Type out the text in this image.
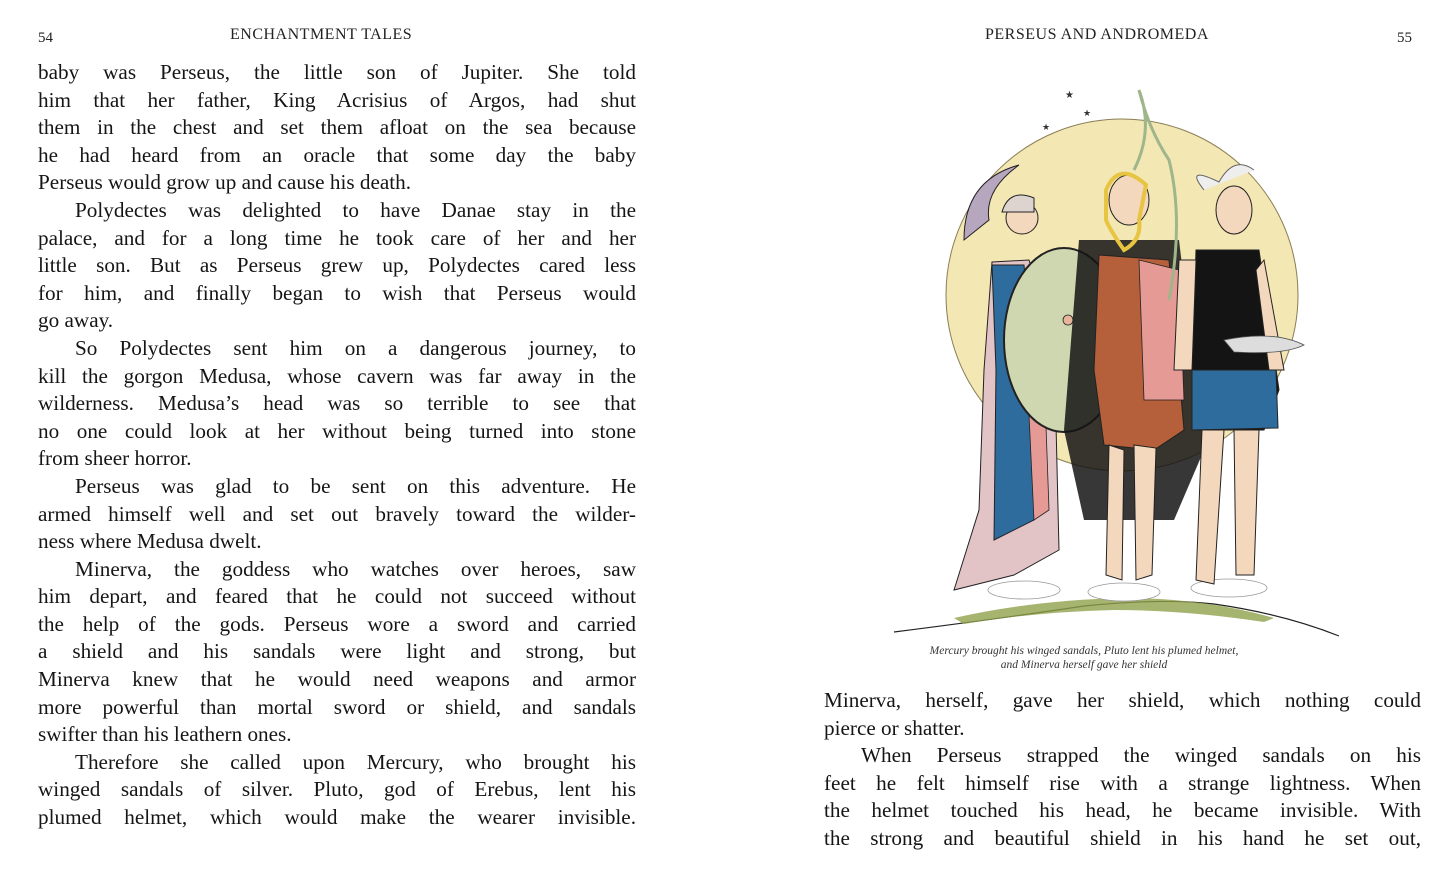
54	ENCHANTMENT TALES
baby was Perseus, the little son of Jupiter. She told
him that her father, King Acrisius of Argos, had shut
them in the chest and set them afloat on the sea because
he had heard from an oracle that some day the baby
Perseus would grow up and cause his death.
Polydectes was delighted to have Danae stay in the
palace, and for a long time he took care of her and her
little son. But as Perseus grew up, Polydectes cared less
for him, and finally began to wish that Perseus would
go away.
So Polydectes sent him on a dangerous journey, to
kill the gorgon Medusa, whose cavern was far away in the
wilderness. Medusa’s head was so terrible to see that
no one could look at her without being turned into stone
from sheer horror.
Perseus was glad to be sent on this adventure. He
armed himself well and set out bravely toward the wilder-
ness where Medusa dwelt.
Minerva, the goddess who watches over heroes, saw
him depart, and feared that he could not succeed without
the help of the gods. Perseus wore a sword and carried
a shield and his sandals were light and strong, but
Minerva knew that he would need weapons and armor
more powerful than mortal sword or shield, and sandals
swifter than his leathern ones.
Therefore she called upon Mercury, who brought his
winged sandals of silver. Pluto, god of Erebus, lent his
plumed helmet, which would make the wearer invisible.
PERSEUS AND ANDROMEDA	55
★
★
★
Mercury brought his winged sandals, Pluto lent his plumed helmet,
and Minerva herself gave her shield
Minerva, herself, gave her shield, which nothing could
pierce or shatter.
When Perseus strapped the winged sandals on his
feet he felt himself rise with a strange lightness. When
the helmet touched his head, he became invisible. With
the strong and beautiful shield in his hand he set out,
